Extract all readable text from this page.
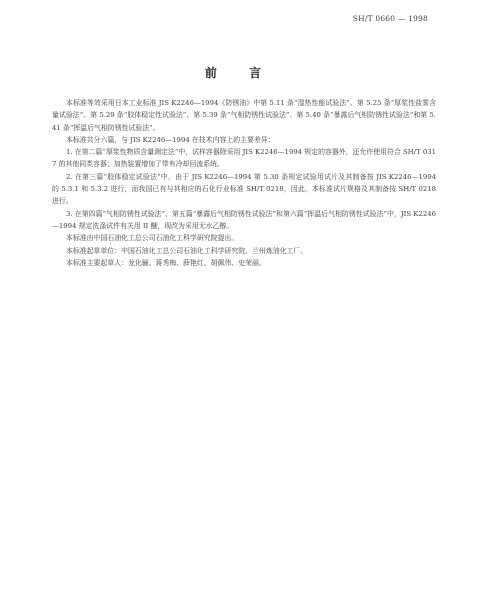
SH/T 0660 — 1998
前 言

本标准等效采用日本工业标准 JIS K2246—1994《防锈油》中第 5.11 条“湿热性能试验法”、第 5.25 条“厚浆性盐雾含量试验法”、第 5.29 条“胶体稳定性试验法”、第 5.39 条“气相防锈性试验法”、第 5.40 条“暴露后气相防锈性试验法”和第 5.41 条“挥温后气相防锈性试验法”。

本标准共分六篇，与 JIS K2246—1994 在技术内容上的主要差异：

1. 在第二篇“厚浆性物质含量测定法”中，试样容器除采用 JIS K2246—1994 规定的容器外，还允许使用符合 SH/T 0317 的其他同类容器；加热装置增加了带有冷却回流系统。

2. 在第三篇“胶体稳定试验法”中，由于 JIS K2246—1994 第 5.30 条规定试验用试片及其制备按 JIS K2246—1994 的 5.3.1 和 5.3.2 进行，而我国已有与其相应的石化行业标准 SH/T 0218，因此，本标准试片规格及其制备按 SH/T 0218 进行。

3. 在第四篇“气相防锈性试验法”、第五篇“暴露后气相防锈性试验法”和第六篇“挥温后气相防锈性试验法”中，JIS K2246—1994 规定洗涤试件有关用 II 醚，现改为采用无水乙醇。

本标准由中国石油化工总公司石油化工科学研究院提出。

本标准起草单位：中国石油化工总公司石油化工科学研究院、兰州炼油化工厂。

本标准主要起草人：龙化骊、蒋秀梅、薛艳红、胡佩伟、史荣丽。
